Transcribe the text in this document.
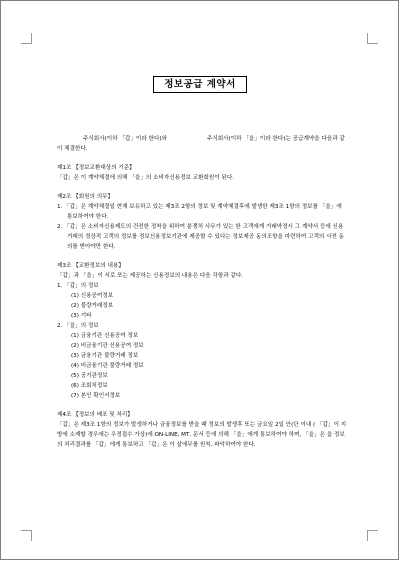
정보공급 계약서
주식회사(이하 「갑」이라 한다)와	주식회사(이하 「을」이라 한다)는 공급계약을 다음과 같이 체결한다.
제1조 【정보교환대상의 기준】
「갑」은 이 계약체결에 의해 「을」의 소비자신용정보 교환회원이 된다.
제2조 【회원의 의무】
1. 「갑」은 계약체결일 현재 보유하고 있는 제3조 2항의 정보 및 계약체결후에 발생한 제3조 1항의 정보를 「을」에 통보하여야 한다.
2. 「갑」은 소비자신용제도의 건전한 정착을 위하여 분쟁처 사무가 있는 한 고객에게 거래약정시 그 계약서 등에 신용거래의 정상적 고객의 정보를 정보신용정보기관에 제공할 수 있다는 정보제공 동의조항을 마련하여 고객의 사전 동의를 받아야만 한다.
제3조 【교환정보의 내용】
「갑」과 「을」이 서로 또는 제공하는 신용정보의 내용은 다음 각항과 같다.
1. 「갑」의 정보
(1) 신용공여정보
(2) 불량거래정보
(3) 기타
2. 「을」의 정보
(1) 금융기관 신용공여 정보
(2) 비금융기관 신용공여 정보
(3) 금융기관 불량거래 정보
(4) 비금융기관 불량거래 정보
(5) 공기관정보
(6) 조회처정보
(7) 본인 확인서정보
제4조 【정보의 배포 및 처리】
「갑」은 제3조 1항의 정보가 발생하거나 금융정보를 받을 때 정보의 발생후 또는 금요일 2일 안(단 이내 ( 「갑」이 지방에 소재할 경우에는 우정접수 가상)에 ON-LINE, MT, 문서 등에 의해 「을」에게 통보하여야 하며, 「을」은 을 정보의 처리결과를 「갑」에게 통보하고 「갑」은 이 살에무를 원칙, 파악하여야 한다.
